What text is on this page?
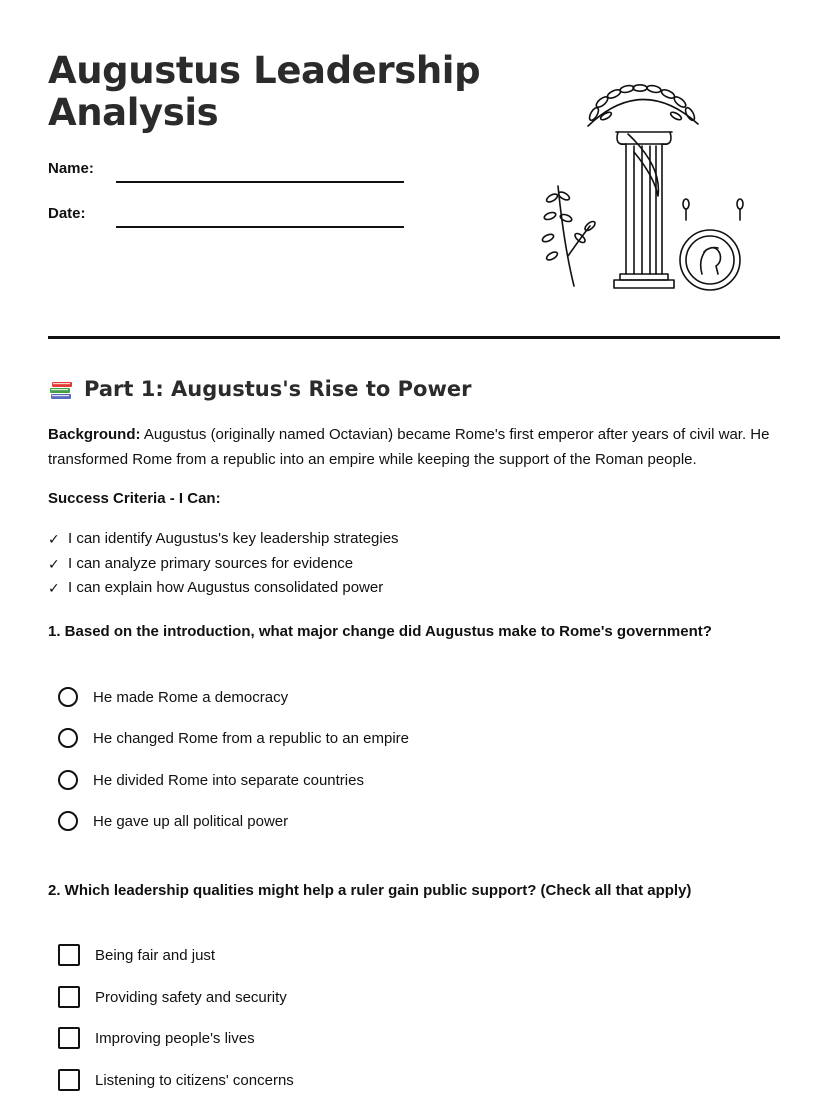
Augustus Leadership
Analysis
Name:
Date:
Part 1: Augustus's Rise to Power
Background: Augustus (originally named Octavian) became Rome's first emperor after years of civil war. He transformed Rome from a republic into an empire while keeping the support of the Roman people.
Success Criteria - I Can:
✓ I can identify Augustus's key leadership strategies
✓ I can analyze primary sources for evidence
✓ I can explain how Augustus consolidated power
1. Based on the introduction, what major change did Augustus make to Rome's government?
He made Rome a democracy
He changed Rome from a republic to an empire
He divided Rome into separate countries
He gave up all political power
2. Which leadership qualities might help a ruler gain public support? (Check all that apply)
Being fair and just
Providing safety and security
Improving people's lives
Listening to citizens' concerns
